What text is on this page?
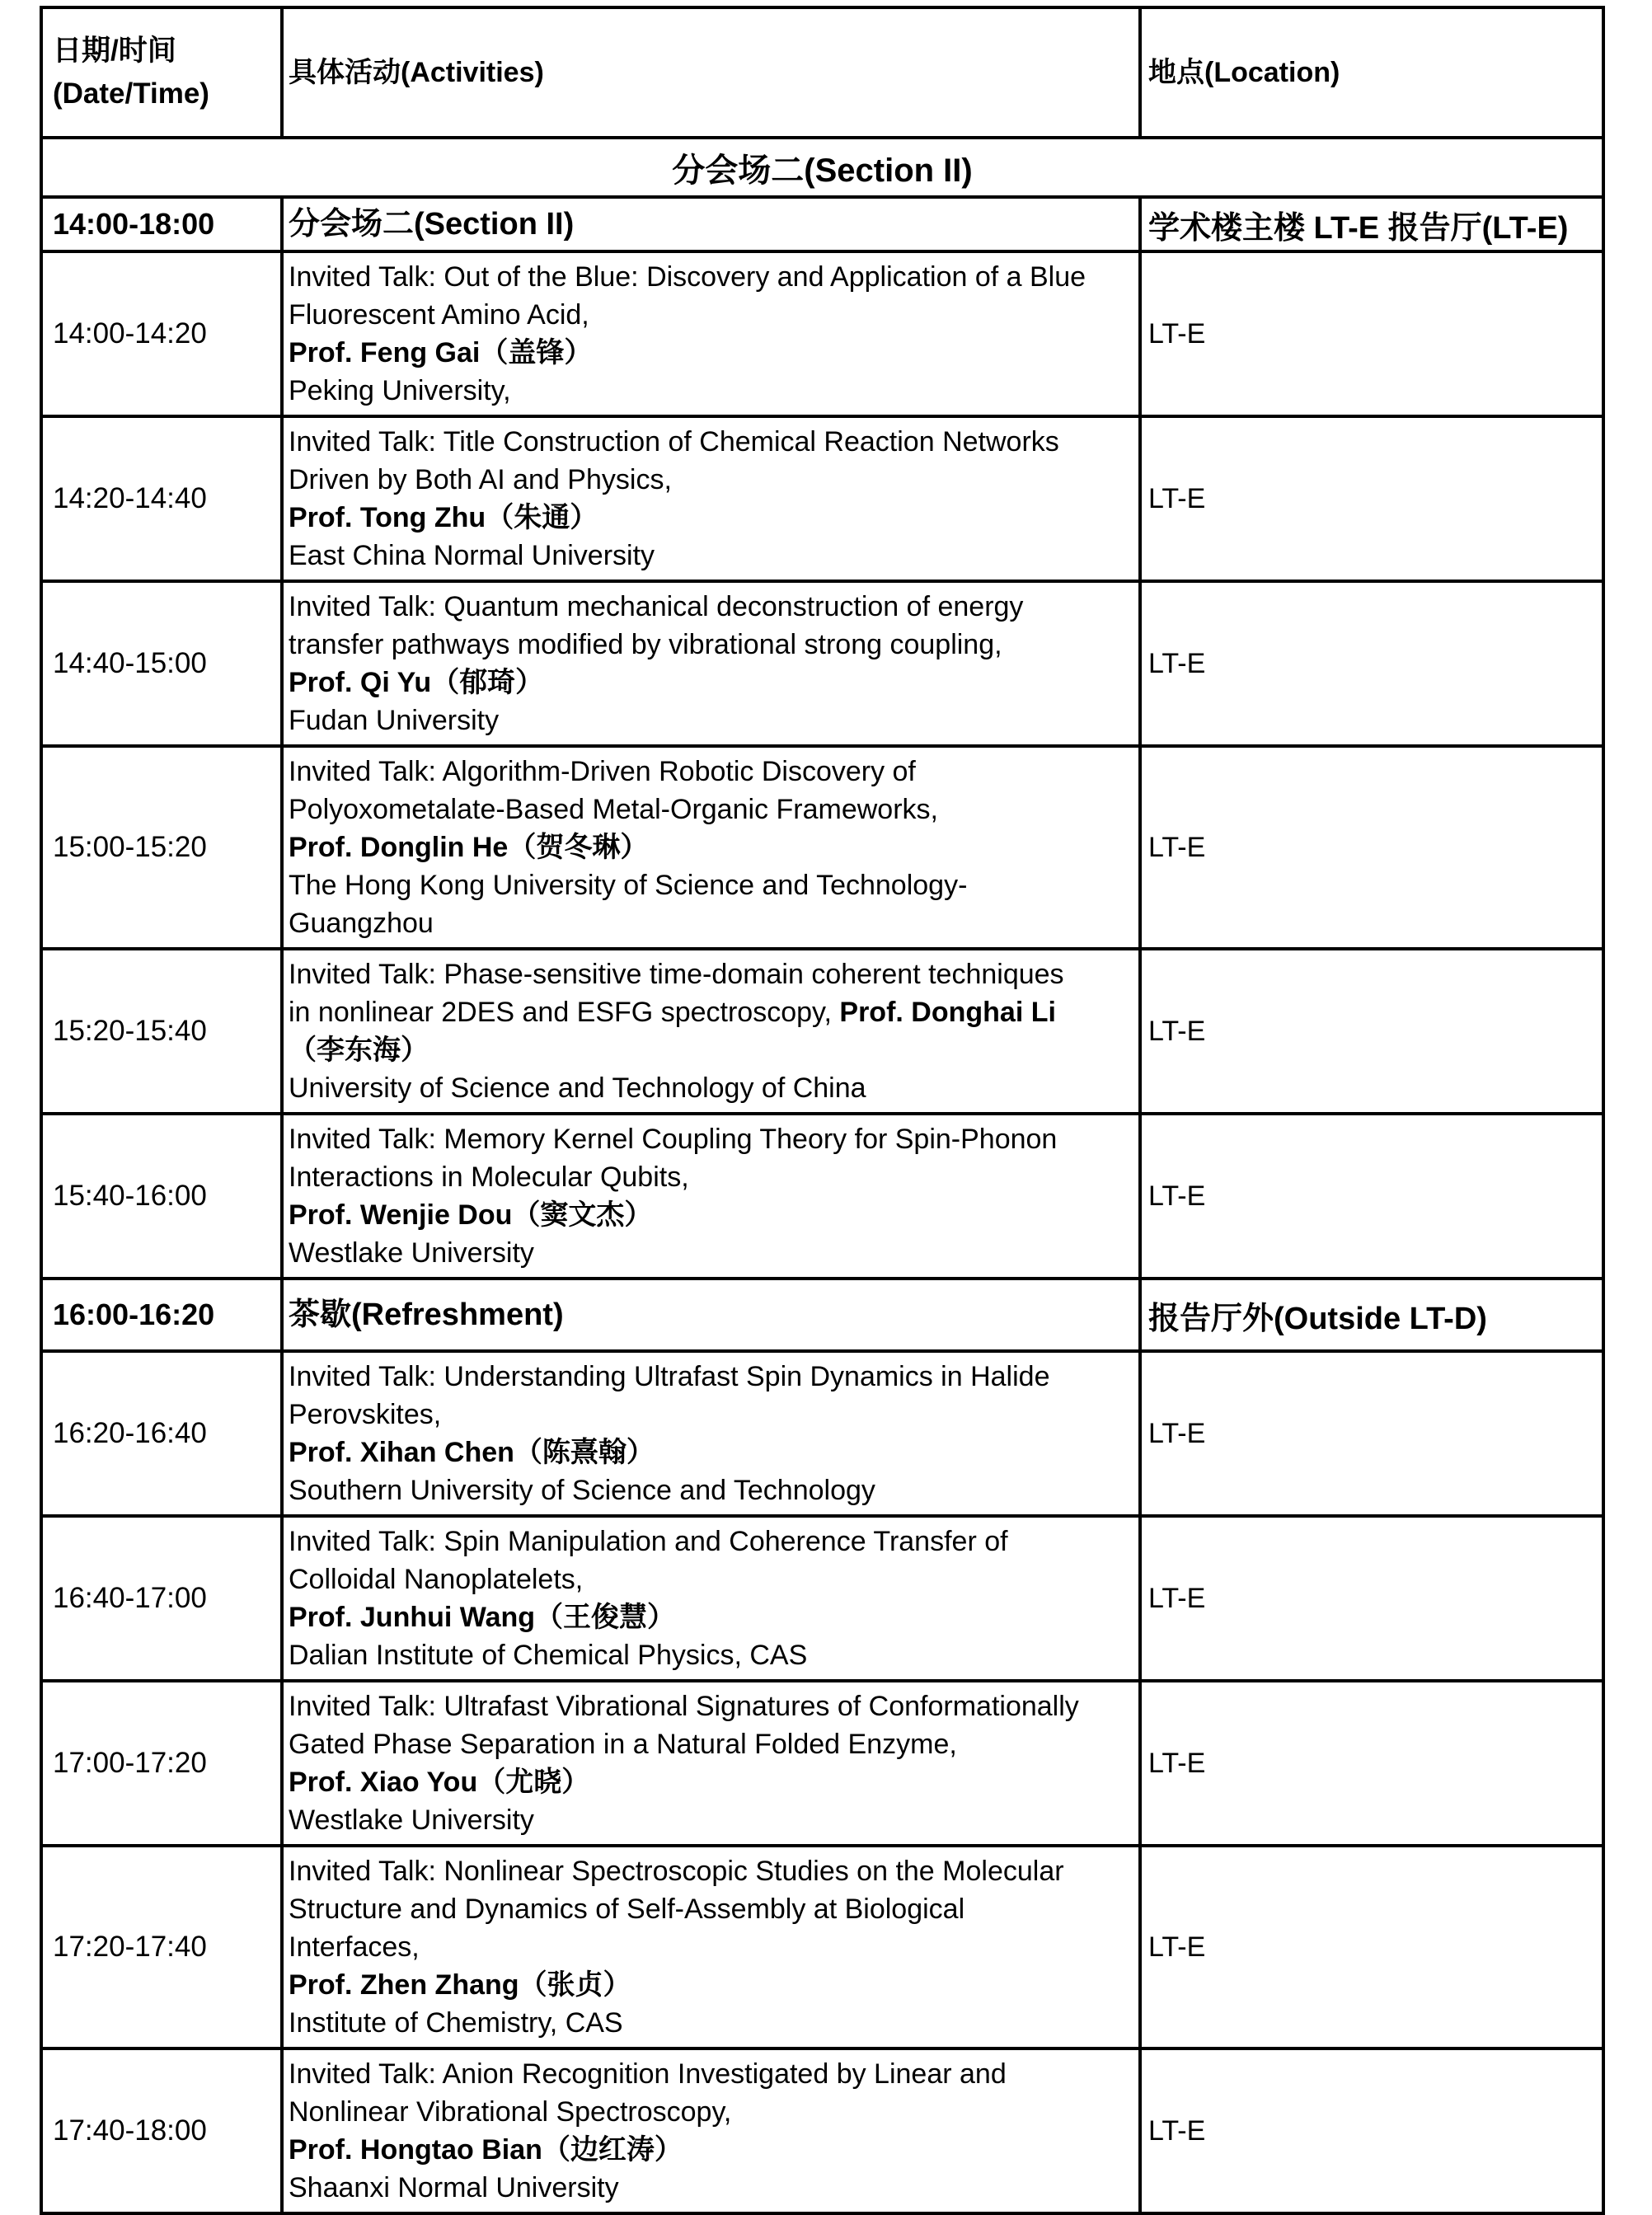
日期/时间
(Date/Time)	具体活动(Activities)	地点(Location)
分会场二(Section II)		
14:00-18:00	分会场二(Section II)	学术楼主楼 LT-E 报告厅(LT-E)
14:00-14:20	Invited Talk: Out of the Blue: Discovery and Application of a Blue
Fluorescent Amino Acid,
Prof. Feng Gai（盖锋）
Peking University,	LT-E
14:20-14:40	Invited Talk: Title Construction of Chemical Reaction Networks
Driven by Both AI and Physics,
Prof. Tong Zhu（朱通）
East China Normal University	LT-E
14:40-15:00	Invited Talk: Quantum mechanical deconstruction of energy
transfer pathways modified by vibrational strong coupling,
Prof. Qi Yu（郁琦）
Fudan University	LT-E
15:00-15:20	Invited Talk: Algorithm-Driven Robotic Discovery of
Polyoxometalate-Based Metal-Organic Frameworks,
Prof. Donglin He（贺冬琳）
The Hong Kong University of Science and Technology-
Guangzhou	LT-E
15:20-15:40	Invited Talk: Phase-sensitive time-domain coherent techniques
in nonlinear 2DES and ESFG spectroscopy, Prof. Donghai Li
（李东海）
University of Science and Technology of China	LT-E
15:40-16:00	Invited Talk: Memory Kernel Coupling Theory for Spin-Phonon
Interactions in Molecular Qubits,
Prof. Wenjie Dou（窦文杰）
Westlake University	LT-E
16:00-16:20	茶歇(Refreshment)	报告厅外(Outside LT-D)
16:20-16:40	Invited Talk: Understanding Ultrafast Spin Dynamics in Halide
Perovskites,
Prof. Xihan Chen（陈熹翰）
Southern University of Science and Technology	LT-E
16:40-17:00	Invited Talk: Spin Manipulation and Coherence Transfer of
Colloidal Nanoplatelets,
Prof. Junhui Wang（王俊慧）
Dalian Institute of Chemical Physics, CAS	LT-E
17:00-17:20	Invited Talk: Ultrafast Vibrational Signatures of Conformationally
Gated Phase Separation in a Natural Folded Enzyme,
Prof. Xiao You（尤晓）
Westlake University	LT-E
17:20-17:40	Invited Talk: Nonlinear Spectroscopic Studies on the Molecular
Structure and Dynamics of Self-Assembly at Biological
Interfaces,
Prof. Zhen Zhang（张贞）
Institute of Chemistry, CAS	LT-E
17:40-18:00	Invited Talk: Anion Recognition Investigated by Linear and
Nonlinear Vibrational Spectroscopy,
Prof. Hongtao Bian（边红涛）
Shaanxi Normal University	LT-E
